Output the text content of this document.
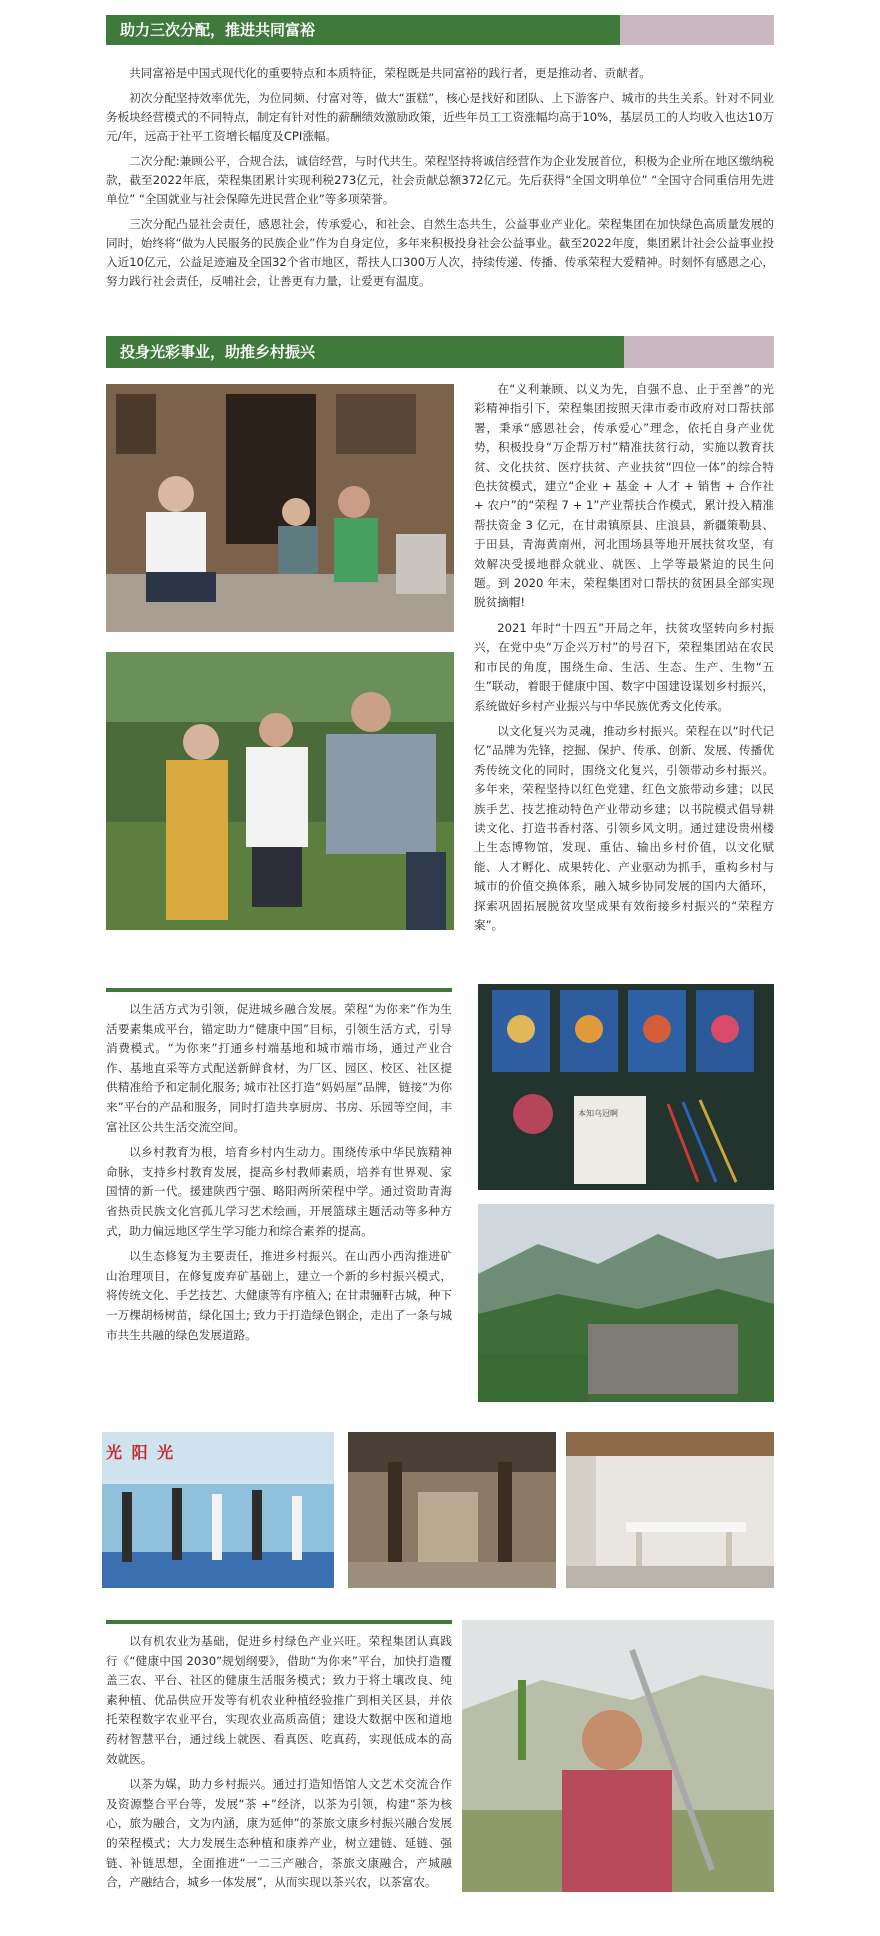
助力三次分配，推进共同富裕

共同富裕是中国式现代化的重要特点和本质特征，荣程既是共同富裕的践行者，更是推动者、贡献者。

初次分配坚持效率优先，为位同频、付富对等，做大“蛋糕”，核心是找好和团队、上下游客户、城市的共生关系。针对不同业务板块经营模式的不同特点，制定有针对性的薪酬绩效激励政策，近些年员工工资涨幅均高于10%，基层员工的人均收入也达10万元/年，远高于社平工资增长幅度及CPI涨幅。

二次分配:兼顾公平，合规合法，诚信经营，与时代共生。荣程坚持将诚信经营作为企业发展首位，积极为企业所在地区缴纳税款，截至2022年底，荣程集团累计实现利税273亿元，社会贡献总额372亿元。先后获得“全国文明单位” “全国守合同重信用先进单位” “全国就业与社会保障先进民营企业”等多项荣誉。

三次分配凸显社会责任，感恩社会，传承爱心，和社会、自然生态共生，公益事业产业化。荣程集团在加快绿色高质量发展的同时，始终将“做为人民服务的民族企业”作为自身定位，多年来积极投身社会公益事业。截至2022年度，集团累计社会公益事业投入近10亿元，公益足迹遍及全国32个省市地区，帮扶人口300万人次，持续传递、传播、传承荣程大爱精神。时刻怀有感恩之心，努力践行社会责任，反哺社会，让善更有力量，让爱更有温度。

投身光彩事业，助推乡村振兴

在“义利兼顾、以义为先，自强不息、止于至善”的光彩精神指引下，荣程集团按照天津市委市政府对口帮扶部署，秉承“感恩社会，传承爱心”理念，依托自身产业优势，积极投身“万企帮万村”精准扶贫行动，实施以教育扶贫、文化扶贫、医疗扶贫、产业扶贫“四位一体”的综合特色扶贫模式，建立“企业 + 基金 + 人才 + 销售 + 合作社 + 农户”的“荣程 7 + 1”产业帮扶合作模式，累计投入精准帮扶资金 3 亿元，在甘肃镇原县、庄浪县，新疆策勒县、于田县，青海黄南州，河北围场县等地开展扶贫攻坚，有效解决受援地群众就业、就医、上学等最紧迫的民生问题。到 2020 年末，荣程集团对口帮扶的贫困县全部实现脱贫摘帽!

2021 年时“十四五”开局之年，扶贫攻坚转向乡村振兴，在党中央“万企兴万村”的号召下，荣程集团站在农民和市民的角度，围绕生命、生活、生态、生产、生物“五生”联动，着眼于健康中国、数字中国建设谋划乡村振兴，系统做好乡村产业振兴与中华民族优秀文化传承。

以文化复兴为灵魂，推动乡村振兴。荣程在以“时代记忆”品牌为先锋，挖掘、保护、传承、创新、发展、传播优秀传统文化的同时，围绕文化复兴，引领带动乡村振兴。多年来，荣程坚持以红色党建、红色文旅带动乡建；以民族手艺、技艺推动特色产业带动乡建；以书院模式倡导耕读文化、打造书香村落、引领乡风文明。通过建设贵州楼上生态博物馆，发现、重估、输出乡村价值，以文化赋能、人才孵化、成果转化、产业驱动为抓手，重构乡村与城市的价值交换体系，融入城乡协同发展的国内大循环，探索巩固拓展脱贫攻坚成果有效衔接乡村振兴的“荣程方案”。

以生活方式为引领，促进城乡融合发展。荣程“为你来”作为生活要素集成平台，锚定助力“健康中国”目标，引领生活方式，引导消费模式。“为你来”打通乡村端基地和城市端市场，通过产业合作、基地直采等方式配送新鲜食材，为厂区、园区、校区、社区提供精准给予和定制化服务; 城市社区打造“妈妈屋”品牌，链接“为你来”平台的产品和服务，同时打造共享厨房、书房、乐园等空间，丰富社区公共生活交流空间。

以乡村教育为根，培育乡村内生动力。围绕传承中华民族精神命脉，支持乡村教育发展，提高乡村教师素质，培养有世界观、家国情的新一代。援建陕西宁强、略阳两所荣程中学。通过资助青海省热贡民族文化宫孤儿学习艺术绘画，开展篮球主题活动等多种方式，助力偏远地区学生学习能力和综合素养的提高。

以生态修复为主要责任，推进乡村振兴。在山西小西沟推进矿山治理项目，在修复废弃矿基础上，建立一个新的乡村振兴模式，将传统文化、手艺技艺、大健康等有序植入; 在甘肃骊靬古城，种下一万棵胡杨树苗，绿化国土; 致力于打造绿色钢企，走出了一条与城市共生共融的绿色发展道路。

本知乌冠啊
光 阳 光

以有机农业为基础，促进乡村绿色产业兴旺。荣程集团认真践行《“健康中国 2030”规划纲要》，借助“为你来”平台，加快打造覆盖三农、平台、社区的健康生活服务模式；致力于将土壤改良、纯素种植、优品供应开发等有机农业种植经验推广到相关区县，并依托荣程数字农业平台，实现农业高质高值；建设大数据中医和道地药材智慧平台，通过线上就医、看真医、吃真药，实现低成本的高效就医。

以茶为媒，助力乡村振兴。通过打造知悟馆人文艺术交流合作及资源整合平台等，发展“茶 +”经济，以茶为引领，构建“茶为核心，旅为融合，文为内涵，康为延伸”的茶旅文康乡村振兴融合发展的荣程模式；大力发展生态种植和康养产业，树立建链、延链、强链、补链思想，全面推进“一二三产融合，茶旅文康融合，产城融合，产融结合，城乡一体发展”，从而实现以茶兴农，以茶富农。
